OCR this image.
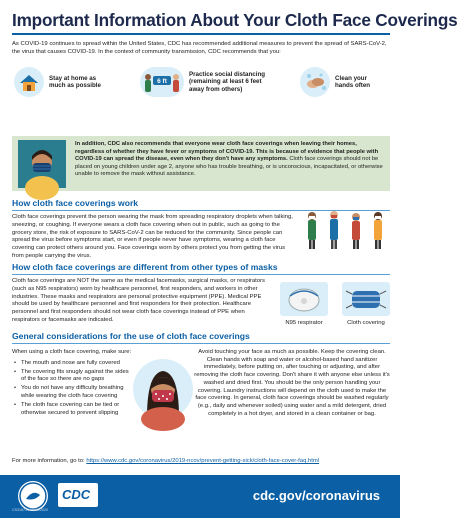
Important Information About Your Cloth Face Coverings
As COVID-19 continues to spread within the United States, CDC has recommended additional measures to prevent the spread of SARS-CoV-2, the virus that causes COVID-19. In the context of community transmission, CDC recommends that you:
Stay at home as much as possible
6 ft
Practice social distancing (remaining at least 6 feet away from others)
Clean your hands often
In addition, CDC also recommends that everyone wear cloth face coverings when leaving their homes, regardless of whether they have fever or symptoms of COVID-19. This is because of evidence that people with COVID-19 can spread the disease, even when they don't have any symptoms. Cloth face coverings should not be placed on young children under age 2, anyone who has trouble breathing, or is unconscious, incapacitated, or otherwise unable to remove the mask without assistance.
How cloth face coverings work
Cloth face coverings prevent the person wearing the mask from spreading respiratory droplets when talking, sneezing, or coughing. If everyone wears a cloth face covering when out in public, such as going to the grocery store, the risk of exposure to SARS-CoV-2 can be reduced for the community. Since people can spread the virus before symptoms start, or even if people never have symptoms, wearing a cloth face covering can protect others around you. Face coverings worn by others protect you from getting the virus from people carrying the virus.
How cloth face coverings are different from other types of masks
Cloth face coverings are NOT the same as the medical facemasks, surgical masks, or respirators (such as N95 respirators) worn by healthcare personnel, first responders, and workers in other industries. These masks and respirators are personal protective equipment (PPE). Medical PPE should be used by healthcare personnel and first responders for their protection. Healthcare personnel and first responders should not wear cloth face coverings instead of PPE when respirators or facemasks are indicated.
N95 respirator	Cloth covering
General considerations for the use of cloth face coverings
When using a cloth face covering, make sure:
• The mouth and nose are fully covered
• The covering fits snugly against the sides of the face so there are no gaps
• You do not have any difficulty breathing while wearing the cloth face covering
• The cloth face covering can be tied or otherwise secured to prevent slipping
Avoid touching your face as much as possible. Keep the covering clean. Clean hands with soap and water or alcohol-based hand sanitizer immediately, before putting on, after touching or adjusting, and after removing the cloth face covering. Don't share it with anyone else unless it's washed and dried first. You should be the only person handling your covering. Laundry instructions will depend on the cloth used to make the face covering. In general, cloth face coverings should be washed regularly (e.g., daily and whenever soiled) using water and a mild detergent, dried completely in a hot dryer, and stored in a clean container or bag.
For more information, go to: https://www.cdc.gov/coronavirus/2019-ncov/prevent-getting-sick/cloth-face-cover-faq.html
CDC	cdc.gov/coronavirus
CS316714 05/06/2020
